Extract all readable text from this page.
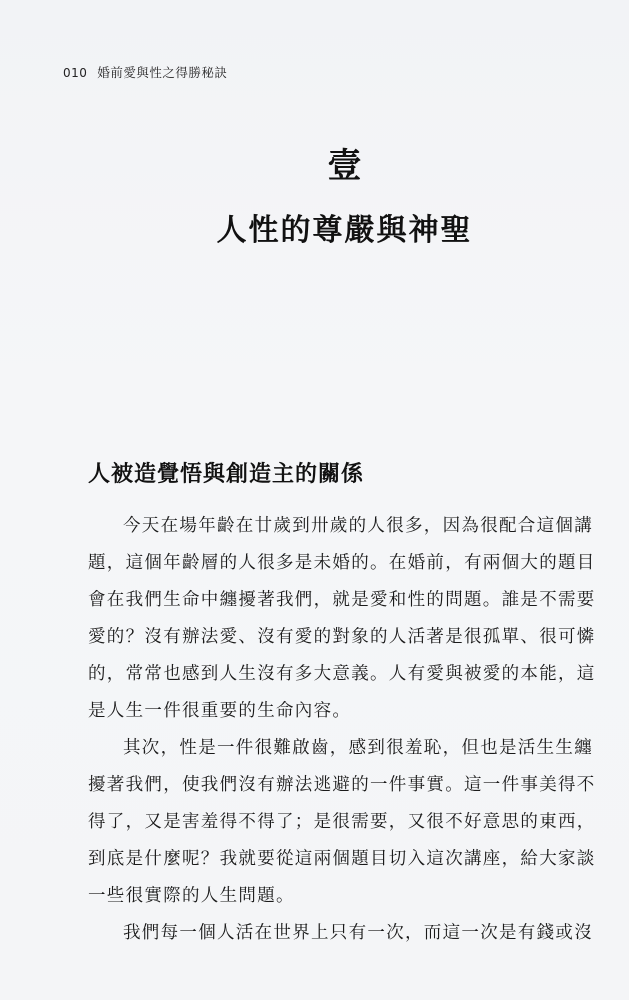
010 婚前愛與性之得勝秘訣
壹
人性的尊嚴與神聖
人被造覺悟與創造主的關係
今天在場年齡在廿歲到卅歲的人很多，因為很配合這個講
題，這個年齡層的人很多是未婚的。在婚前，有兩個大的題目
會在我們生命中纏擾著我們，就是愛和性的問題。誰是不需要
愛的？沒有辦法愛、沒有愛的對象的人活著是很孤單、很可憐
的，常常也感到人生沒有多大意義。人有愛與被愛的本能，這
是人生一件很重要的生命內容。
其次，性是一件很難啟齒，感到很羞恥，但也是活生生纏
擾著我們，使我們沒有辦法逃避的一件事實。這一件事美得不
得了，又是害羞得不得了；是很需要，又很不好意思的東西，
到底是什麼呢？我就要從這兩個題目切入這次講座，給大家談
一些很實際的人生問題。
我們每一個人活在世界上只有一次，而這一次是有錢或沒
